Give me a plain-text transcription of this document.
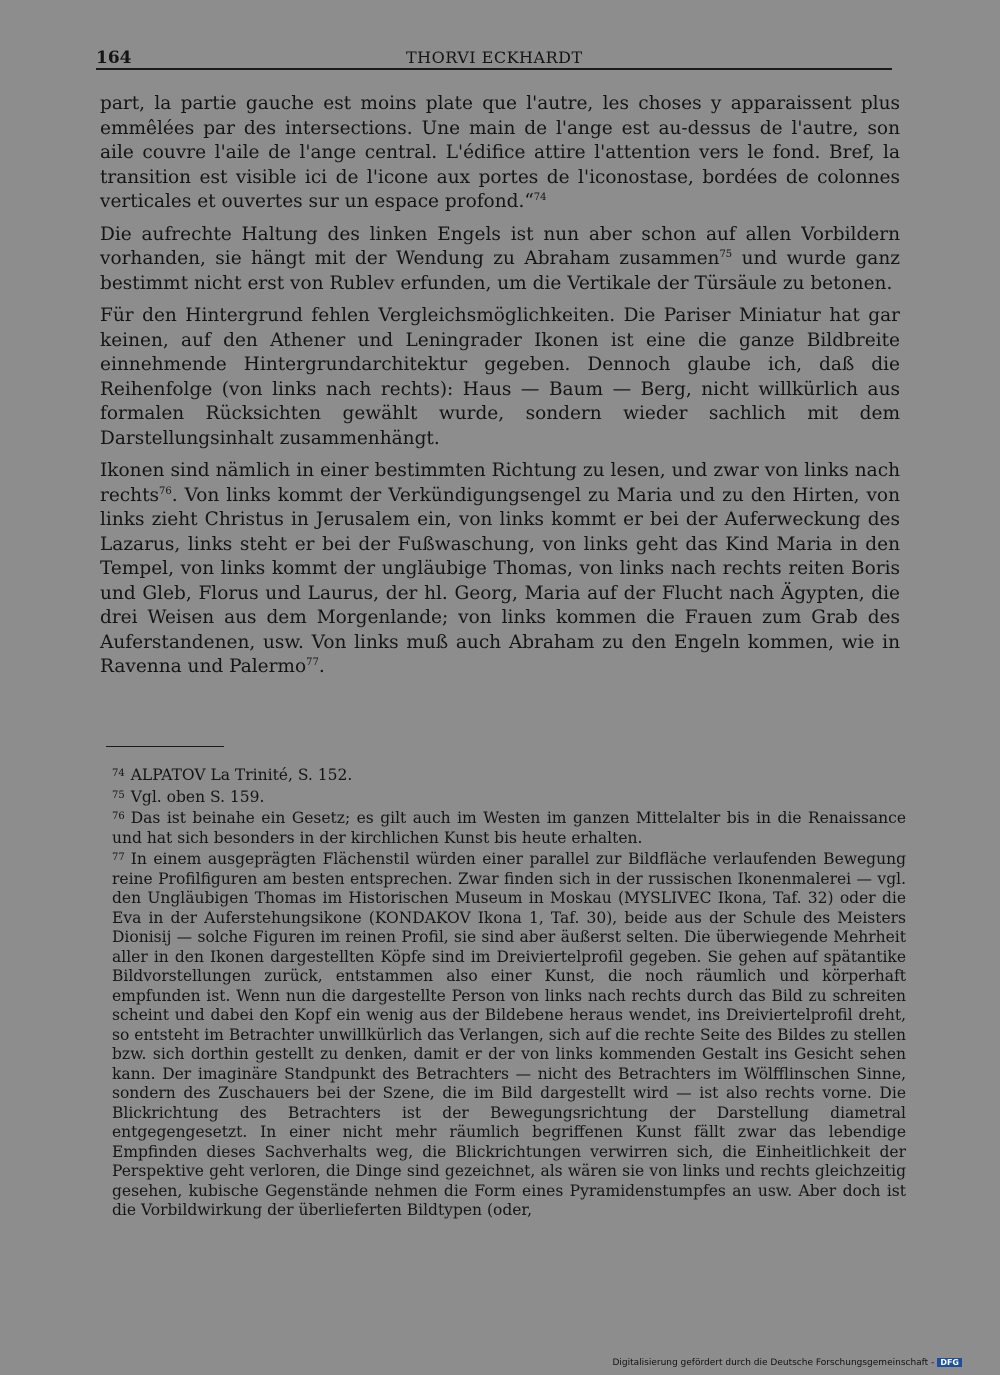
164	THORVI ECKHARDT

part, la partie gauche est moins plate que l'autre, les choses y apparaissent plus emmêlées par des intersections. Une main de l'ange est au-dessus de l'autre, son aile couvre l'aile de l'ange central. L'édifice attire l'attention vers le fond. Bref, la transition est visible ici de l'icone aux portes de l'iconostase, bordées de colonnes verticales et ouvertes sur un espace profond.“$^{74}$

Die aufrechte Haltung des linken Engels ist nun aber schon auf allen Vorbildern vorhanden, sie hängt mit der Wendung zu Abraham zusammen$^{75}$ und wurde ganz bestimmt nicht erst von Rublev erfunden, um die Vertikale der Türsäule zu betonen.

Für den Hintergrund fehlen Vergleichsmöglichkeiten. Die Pariser Miniatur hat gar keinen, auf den Athener und Leningrader Ikonen ist eine die ganze Bildbreite einnehmende Hintergrundarchitektur gegeben. Dennoch glaube ich, daß die Reihenfolge (von links nach rechts): Haus — Baum — Berg, nicht willkürlich aus formalen Rücksichten gewählt wurde, sondern wieder sachlich mit dem Darstellungsinhalt zusammenhängt.

Ikonen sind nämlich in einer bestimmten Richtung zu lesen, und zwar von links nach rechts$^{76}$. Von links kommt der Verkündigungsengel zu Maria und zu den Hirten, von links zieht Christus in Jerusalem ein, von links kommt er bei der Auferweckung des Lazarus, links steht er bei der Fußwaschung, von links geht das Kind Maria in den Tempel, von links kommt der ungläubige Thomas, von links nach rechts reiten Boris und Gleb, Florus und Laurus, der hl. Georg, Maria auf der Flucht nach Ägypten, die drei Weisen aus dem Morgenlande; von links kommen die Frauen zum Grab des Auferstandenen, usw. Von links muß auch Abraham zu den Engeln kommen, wie in Ravenna und Palermo$^{77}$.

$^{74}$ ALPATOV La Trinité, S. 152.

$^{75}$ Vgl. oben S. 159.

$^{76}$ Das ist beinahe ein Gesetz; es gilt auch im Westen im ganzen Mittelalter bis in die Renaissance und hat sich besonders in der kirchlichen Kunst bis heute erhalten.

$^{77}$ In einem ausgeprägten Flächenstil würden einer parallel zur Bildfläche verlaufenden Bewegung reine Profilfiguren am besten entsprechen. Zwar finden sich in der russischen Ikonenmalerei — vgl. den Ungläubigen Thomas im Historischen Museum in Moskau (MYSLIVEC Ikona, Taf. 32) oder die Eva in der Auferstehungsikone (KONDAKOV Ikona 1, Taf. 30), beide aus der Schule des Meisters Dionisij — solche Figuren im reinen Profil, sie sind aber äußerst selten. Die überwiegende Mehrheit aller in den Ikonen dargestellten Köpfe sind im Dreiviertelprofil gegeben. Sie gehen auf spätantike Bildvorstellungen zurück, entstammen also einer Kunst, die noch räumlich und körperhaft empfunden ist. Wenn nun die dargestellte Person von links nach rechts durch das Bild zu schreiten scheint und dabei den Kopf ein wenig aus der Bildebene heraus wendet, ins Dreiviertelprofil dreht, so entsteht im Betrachter unwillkürlich das Verlangen, sich auf die rechte Seite des Bildes zu stellen bzw. sich dorthin gestellt zu denken, damit er der von links kommenden Gestalt ins Gesicht sehen kann. Der imaginäre Standpunkt des Betrachters — nicht des Betrachters im Wölfflinschen Sinne, sondern des Zuschauers bei der Szene, die im Bild dargestellt wird — ist also rechts vorne. Die Blickrichtung des Betrachters ist der Bewegungsrichtung der Darstellung diametral entgegengesetzt. In einer nicht mehr räumlich begriffenen Kunst fällt zwar das lebendige Empfinden dieses Sachverhalts weg, die Blickrichtungen verwirren sich, die Einheitlichkeit der Perspektive geht verloren, die Dinge sind gezeichnet, als wären sie von links und rechts gleichzeitig gesehen, kubische Gegenstände nehmen die Form eines Pyramidenstumpfes an usw. Aber doch ist die Vorbildwirkung der überlieferten Bildtypen (oder,

Digitalisierung gefördert durch die Deutsche Forschungsgemeinschaft - DFG
